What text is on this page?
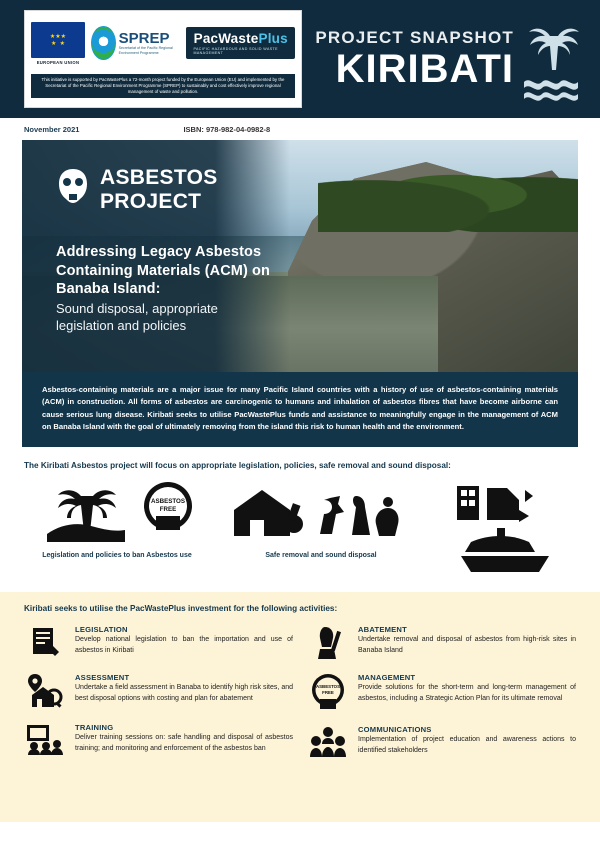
★★★
★  ★
EUROPEAN UNION
SPREP
Secretariat of the Pacific Regional Environment Programme
PacWastePlus
PACIFIC HAZARDOUS AND SOLID WASTE MANAGEMENT
This initiative is supported by PacWastePlus a 72-month project funded by the European Union (EU) and implemented by the Secretariat of the Pacific Regional Environment Programme (SPREP) to sustainably and cost effectively improve regional management of waste and pollution.
PROJECT SNAPSHOT
KIRIBATI
November 2021	ISBN: 978-982-04-0982-8
ASBESTOS
PROJECT
Addressing Legacy Asbestos Containing Materials (ACM) on Banaba Island:
Sound disposal, appropriate legislation and policies
Asbestos-containing materials are a major issue for many Pacific Island countries with a history of use of asbestos-containing materials (ACM) in construction. All forms of asbestos are carcinogenic to humans and inhalation of asbestos fibres that have become airborne can cause serious lung disease. Kiribati seeks to utilise PacWastePlus funds and assistance to meaningfully engage in the management of ACM on Banaba Island with the goal of ultimately removing from the island this risk to human health and the environment.
The Kiribati Asbestos project will focus on appropriate legislation, policies, safe removal and sound disposal:
ASBESTOS
FREE
Legislation and policies to ban Asbestos use	Safe removal and sound disposal
Kiribati seeks to utilise the PacWastePlus investment for the following activities:
LEGISLATION
Develop national legislation to ban the importation and use of asbestos in Kiribati
ASSESSMENT
Undertake a field assessment in Banaba to identify high risk sites, and best disposal options with costing and plan for abatement
TRAINING
Deliver training sessions on: safe handling and disposal of asbestos training; and monitoring and enforcement of the asbestos ban
ABATEMENT
Undertake removal and disposal of asbestos from high-risk sites in Banaba Island
ASBESTOS
FREE
MANAGEMENT
Provide solutions for the short-term and long-term management of asbestos, including a Strategic Action Plan for its ultimate removal
COMMUNICATIONS
Implementation of project education and awareness actions to identified stakeholders
